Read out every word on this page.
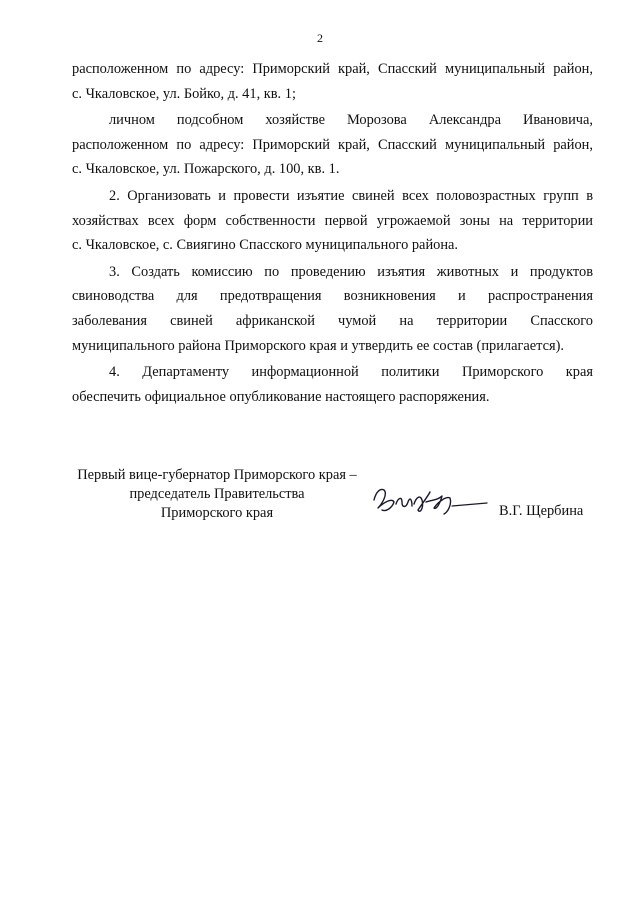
2

расположенном по адресу: Приморский край, Спасский муниципальный район,
с. Чкаловское, ул. Бойко, д. 41, кв. 1;

личном подсобном хозяйстве Морозова Александра Ивановича,
расположенном по адресу: Приморский край, Спасский муниципальный район,
с. Чкаловское, ул. Пожарского, д. 100, кв. 1.

2. Организовать и провести изъятие свиней всех половозрастных групп в
хозяйствах всех форм собственности первой угрожаемой зоны на территории
с. Чкаловское, с. Свиягино Спасского муниципального района.

3. Создать комиссию по проведению изъятия животных и продуктов
свиноводства для предотвращения возникновения и распространения
заболевания свиней африканской чумой на территории Спасского
муниципального района Приморского края и утвердить ее состав (прилагается).

4. Департаменту информационной политики Приморского края
обеспечить официальное опубликование настоящего распоряжения.

Первый вице-губернатор Приморского края –
председатель Правительства
Приморского края	В.Г. Щербина
